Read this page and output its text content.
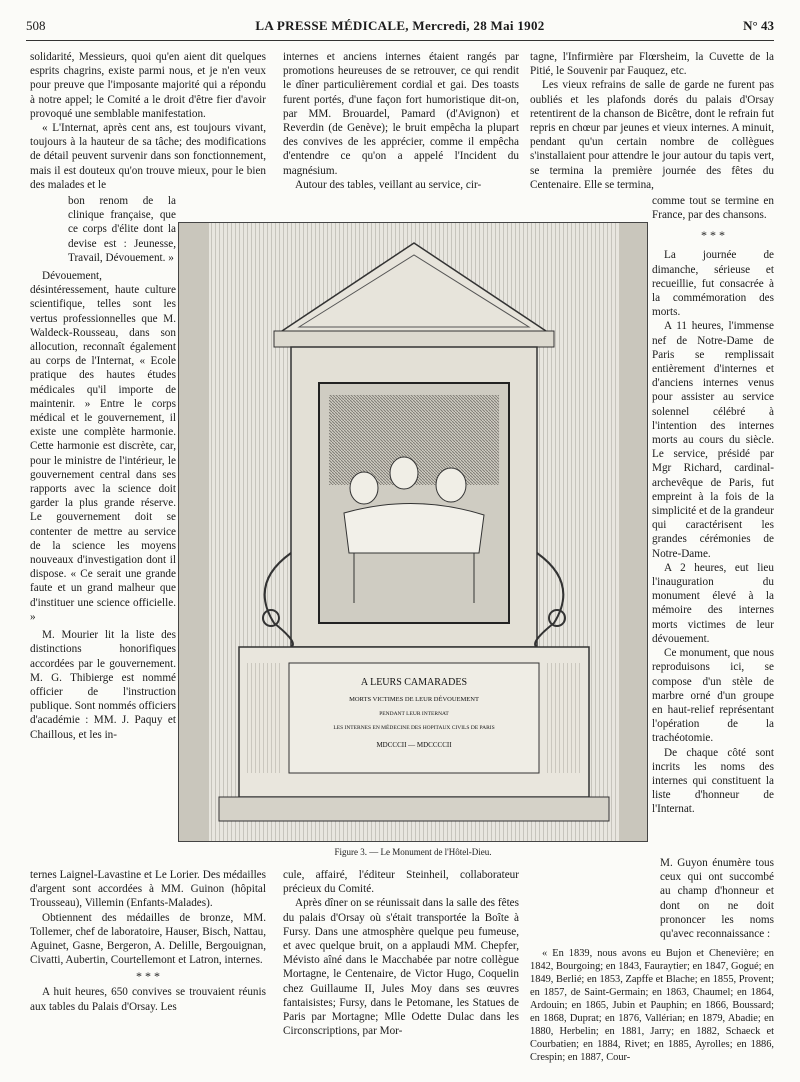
508	LA PRESSE MÉDICALE, Mercredi, 28 Mai 1902	N° 43

solidarité, Messieurs, quoi qu'en aient dit quelques esprits chagrins, existe parmi nous, et je n'en veux pour preuve que l'imposante majorité qui a répondu à notre appel; le Comité a le droit d'être fier d'avoir provoqué une semblable manifestation.

« L'Internat, après cent ans, est toujours vivant, toujours à la hauteur de sa tâche; des modifications de détail peuvent survenir dans son fonctionnement, mais il est douteux qu'on trouve mieux, pour le bien des malades et le

bon renom de la clinique française, que ce corps d'élite dont la devise est : Jeunesse, Travail, Dévouement. »

Dévouement, désintéressement, haute culture scientifique, telles sont les vertus professionnelles que M. Waldeck-Rousseau, dans son allocution, reconnaît également au corps de l'Internat, « Ecole pratique des hautes études médicales qu'il importe de maintenir. » Entre le corps médical et le gouvernement, il existe une complète harmonie. Cette harmonie est discrète, car, pour le ministre de l'intérieur, le gouvernement central dans ses rapports avec la science doit garder la plus grande réserve. Le gouvernement doit se contenter de mettre au service de la science les moyens nouveaux d'investigation dont il dispose. « Ce serait une grande faute et un grand malheur que d'instituer une science officielle. »

M. Mourier lit la liste des distinctions honorifiques accordées par le gouvernement. M. G. Thibierge est nommé officier de l'instruction publique. Sont nommés officiers d'académie : MM. J. Paquy et Chaillous, et les in-

ternes Laignel-Lavastine et Le Lorier. Des médailles d'argent sont accordées à MM. Guinon (hôpital Trousseau), Villemin (Enfants-Malades).

Obtiennent des médailles de bronze, MM. Tollemer, chef de laboratoire, Hauser, Bisch, Nattau, Aguinet, Gasne, Bergeron, A. Delille, Bergouignan, Civatti, Aubertin, Courtellemont et Latron, internes.

* * *

A huit heures, 650 convives se trouvaient réunis aux tables du Palais d'Orsay. Les

internes et anciens internes étaient rangés par promotions heureuses de se retrouver, ce qui rendit le dîner particulièrement cordial et gai. Des toasts furent portés, d'une façon fort humoristique dit-on, par MM. Brouardel, Pamard (d'Avignon) et Reverdin (de Genève); le bruit empêcha la plupart des convives de les apprécier, comme il empêcha d'entendre ce qu'on a appelé l'Incident du magnésium.

Autour des tables, veillant au service, cir-

cule, affairé, l'éditeur Steinheil, collaborateur précieux du Comité.

Après dîner on se réunissait dans la salle des fêtes du palais d'Orsay où s'était transportée la Boîte à Fursy. Dans une atmosphère quelque peu fumeuse, et avec quelque bruit, on a applaudi MM. Chepfer, Mévisto aîné dans le Macchabée par notre collègue Mortagne, le Centenaire, de Victor Hugo, Coquelin chez Guillaume II, Jules Moy dans ses œuvres fantaisistes; Fursy, dans le Petomane, les Statues de Paris par Mortagne; Mlle Odette Dulac dans les Circonscriptions, par Mor-

tagne, l'Infirmière par Flœrsheim, la Cuvette de la Pitié, le Souvenir par Fauquez, etc.

Les vieux refrains de salle de garde ne furent pas oubliés et les plafonds dorés du palais d'Orsay retentirent de la chanson de Bicêtre, dont le refrain fut repris en chœur par jeunes et vieux internes. A minuit, pendant qu'un certain nombre de collègues s'installaient pour attendre le jour autour du tapis vert, se termina la première journée des fêtes du Centenaire. Elle se termina,

comme tout se termine en France, par des chansons.

* * *

La journée de dimanche, sérieuse et recueillie, fut consacrée à la commémoration des morts.

A 11 heures, l'immense nef de Notre-Dame de Paris se remplissait entièrement d'internes et d'anciens internes venus pour assister au service solennel célébré à l'intention des internes morts au cours du siècle. Le service, présidé par Mgr Richard, cardinal-archevêque de Paris, fut empreint à la fois de la simplicité et de la grandeur qui caractérisent les grandes cérémonies de Notre-Dame.

A 2 heures, eut lieu l'inauguration du monument élevé à la mémoire des internes morts victimes de leur dévouement.

Ce monument, que nous reproduisons ici, se compose d'un stèle de marbre orné d'un groupe en haut-relief représentant l'opération de la trachéotomie.

De chaque côté sont incrits les noms des internes qui constituent la liste d'honneur de l'Internat.

M. Guyon énumère tous ceux qui ont succombé au champ d'honneur et dont on ne doit prononcer les noms qu'avec reconnaissance :

« En 1839, nous avons eu Bujon et Chenevière; en 1842, Bourgoing; en 1843, Fauraytier; en 1847, Gogué; en 1849, Berlié; en 1853, Zapffe et Blache; en 1855, Provent; en 1857, de Saint-Germain; en 1863, Chaumel; en 1864, Ardouin; en 1865, Jubin et Pauphin; en 1866, Boussard; en 1868, Duprat; en 1876, Vallérian; en 1879, Abadie; en 1880, Herbelin; en 1881, Jarry; en 1882, Schaeck et Courbatien; en 1884, Rivet; en 1885, Ayrolles; en 1886, Crespin; en 1887, Cour-

A LEURS CAMARADES
MORTS VICTIMES DE LEUR DÉVOUEMENT
PENDANT LEUR INTERNAT
LES INTERNES EN MÉDECINE DES HOPITAUX CIVILS DE PARIS
MDCCCII — MDCCCCII
Figure 3. — Le Monument de l'Hôtel-Dieu.
